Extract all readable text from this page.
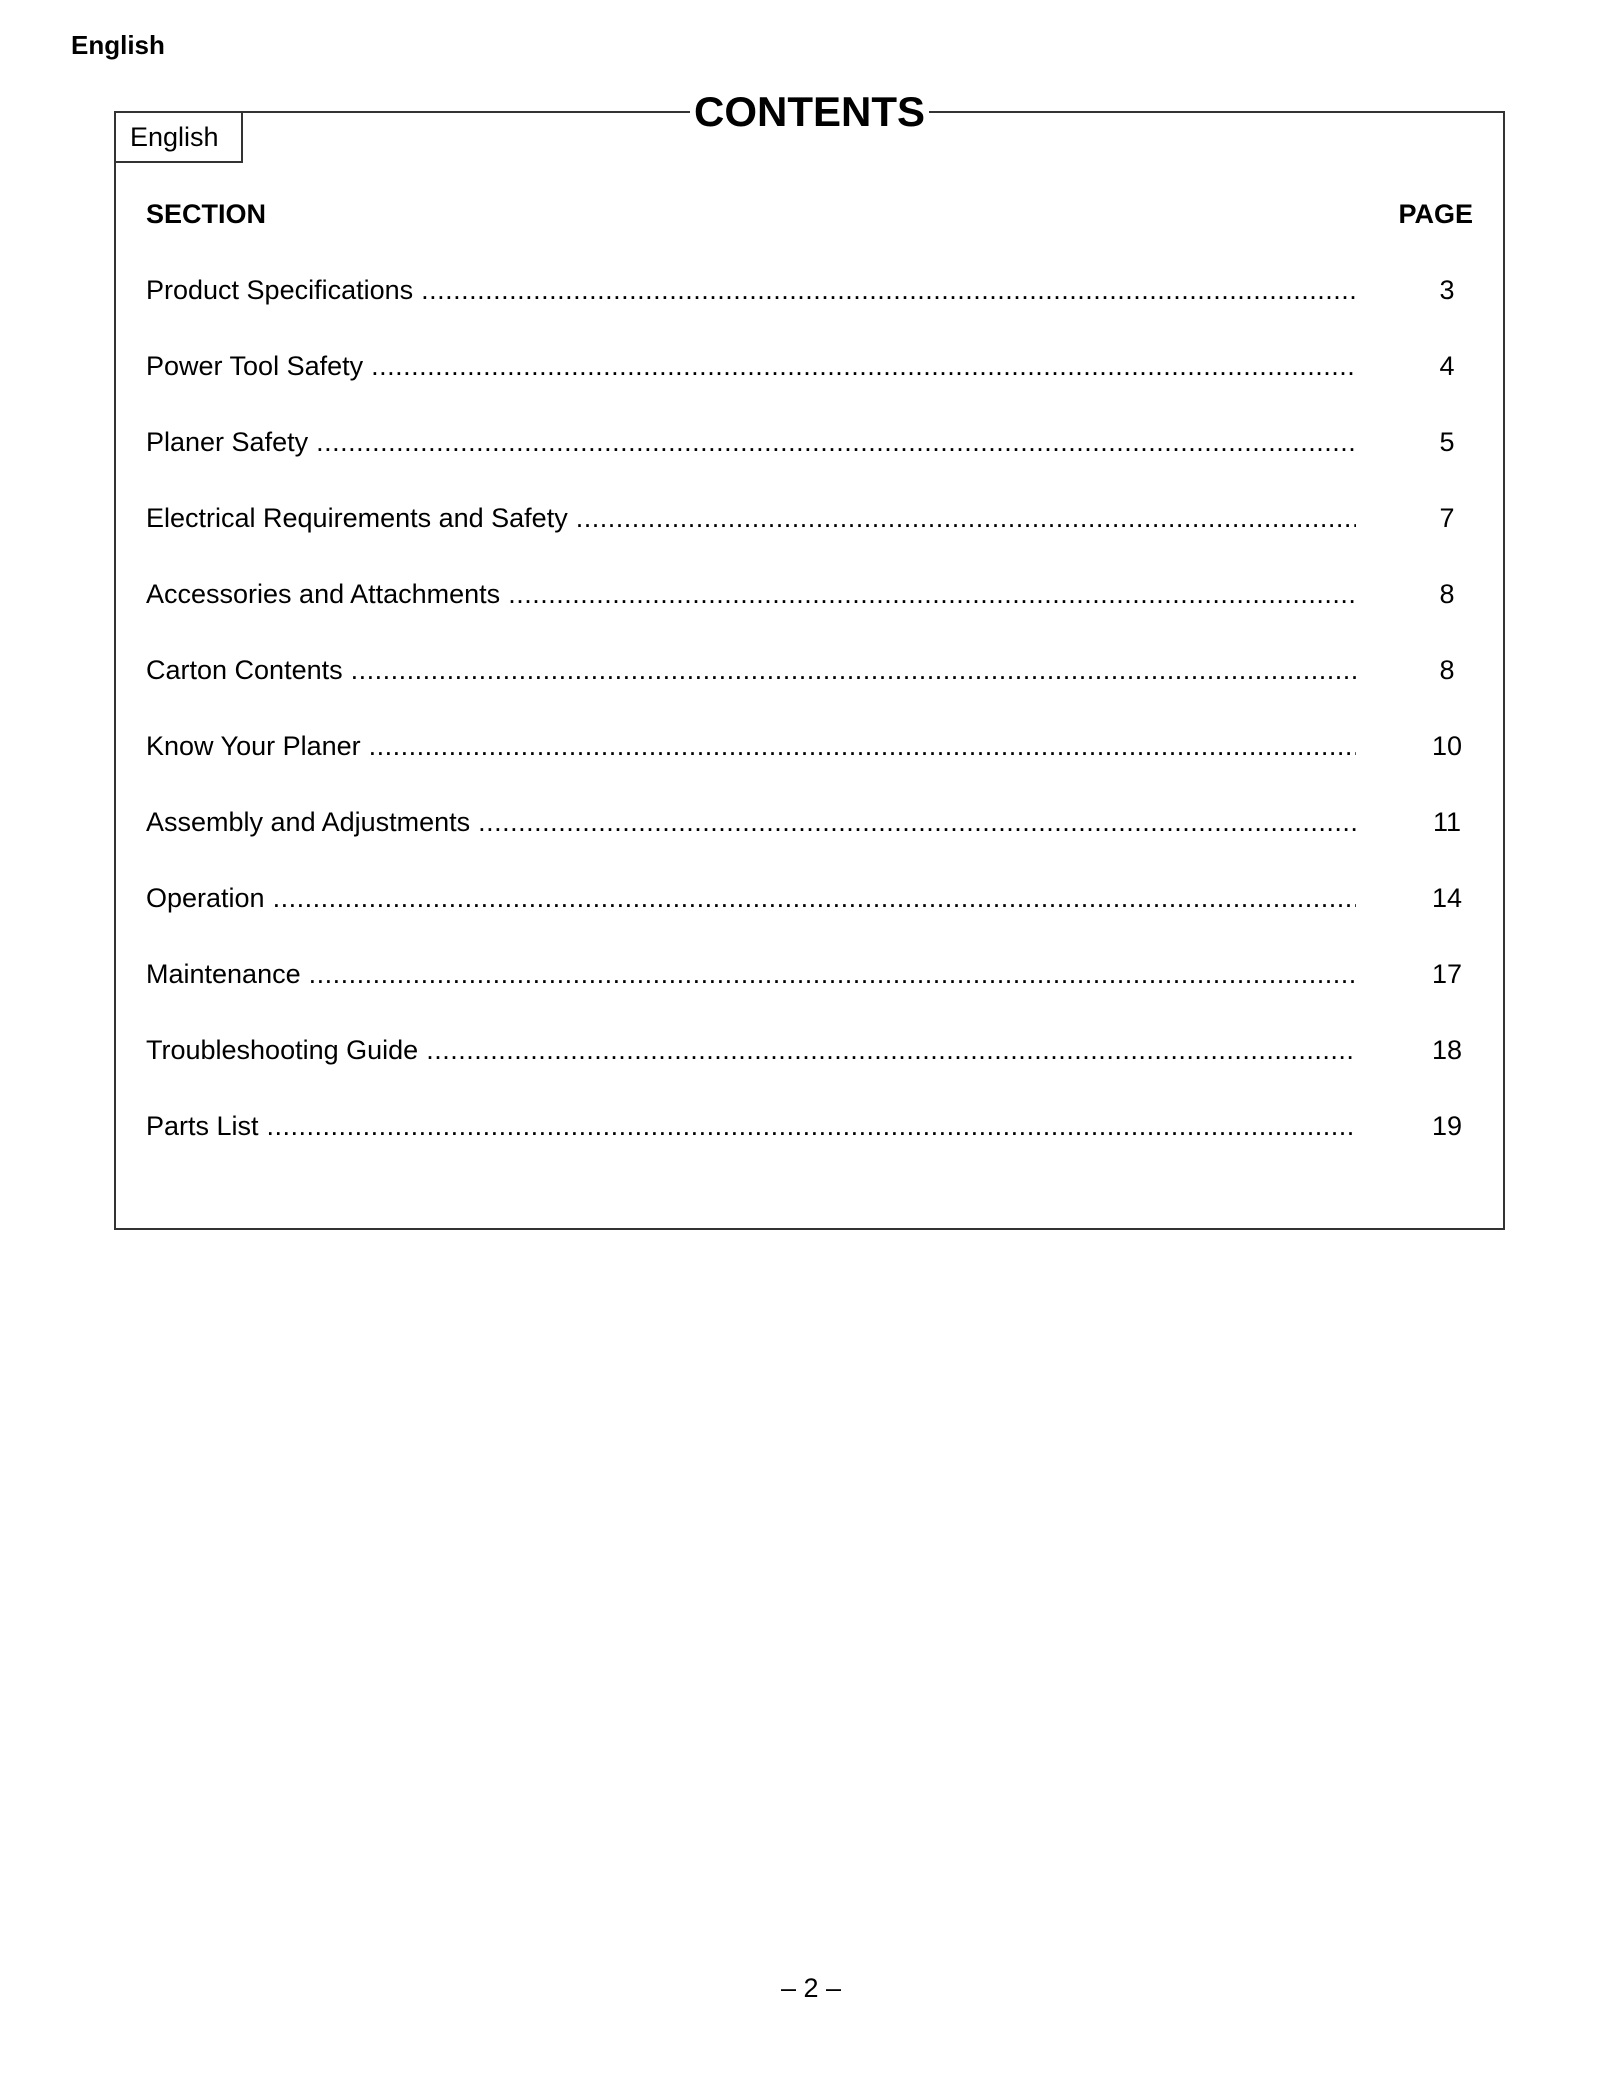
English
CONTENTS
English
SECTION	PAGE
Product Specifications .....	3
Power Tool Safety .....	4
Planer Safety .....	5
Electrical Requirements and Safety .....	7
Accessories and Attachments .....	8
Carton Contents .....	8
Know Your Planer .....	10
Assembly and Adjustments .....	11
Operation .....	14
Maintenance .....	17
Troubleshooting Guide .....	18
Parts List .....	19
– 2 –
